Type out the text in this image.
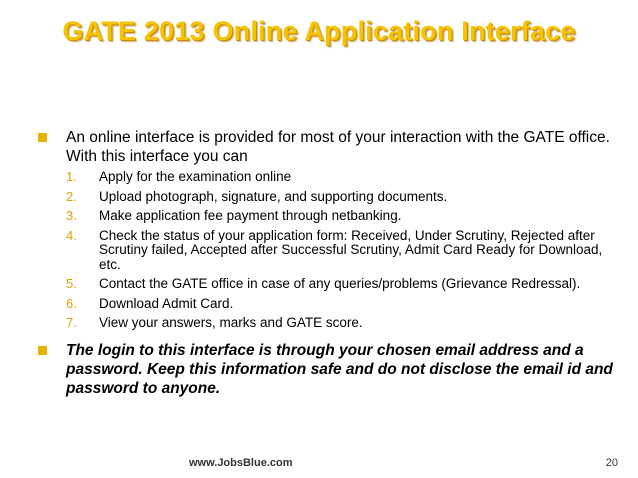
GATE 2013 Online Application Interface
An online interface is provided for most of your interaction with the GATE office. With this interface you can
1. Apply for the examination online
2. Upload photograph, signature, and supporting documents.
3. Make application fee payment through netbanking.
4. Check the status of your application form: Received, Under Scrutiny, Rejected after Scrutiny failed, Accepted after Successful Scrutiny, Admit Card Ready for Download, etc.
5. Contact the GATE office in case of any queries/problems (Grievance Redressal).
6. Download Admit Card.
7. View your answers, marks and GATE score.
The login to this interface is through your chosen email address and a password. Keep this information safe and do not disclose the email id and password to anyone.
www.JobsBlue.com	20
